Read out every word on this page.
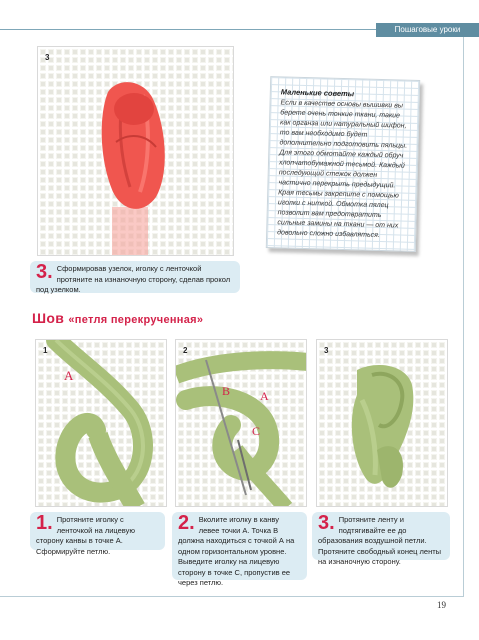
Пошаговые уроки
3
Маленькие советы
Если в качестве основы вышивки вы берете очень тонкие ткани, такие как органза или натуральный шифон, то вам необходимо будет дополнительно подготовить пяльцы. Для этого обмотайте каждый обруч хлопчатобумажной тесьмой. Каждый последующий стежок должен частично перекрыть предыдущий. Края тесьмы закрепите с помощью иголки с ниткой. Обмотка пялец позволит вам предотвратить сильные замины на ткани — от них довольно сложно избавляться.
3. Сформировав узелок, иголку с ленточкой протяните на изнаночную сторону, сделав прокол под узелком.
Шов «петля перекрученная»
A
1
B A
C
2	3
1. Протяните иголку с ленточкой на лицевую сторону канвы в точке А. Сформируйте петлю.
2. Вколите иголку в канву левее точки А. Точка В должна находиться с точкой А на одном горизонтальном уровне. Выведите иголку на лицевую сторону в точке С, пропустив ее через петлю.
3. Протяните ленту и подтягивайте ее до образования воздушной петли. Протяните свободный конец ленты на изнаночную сторону.
19
